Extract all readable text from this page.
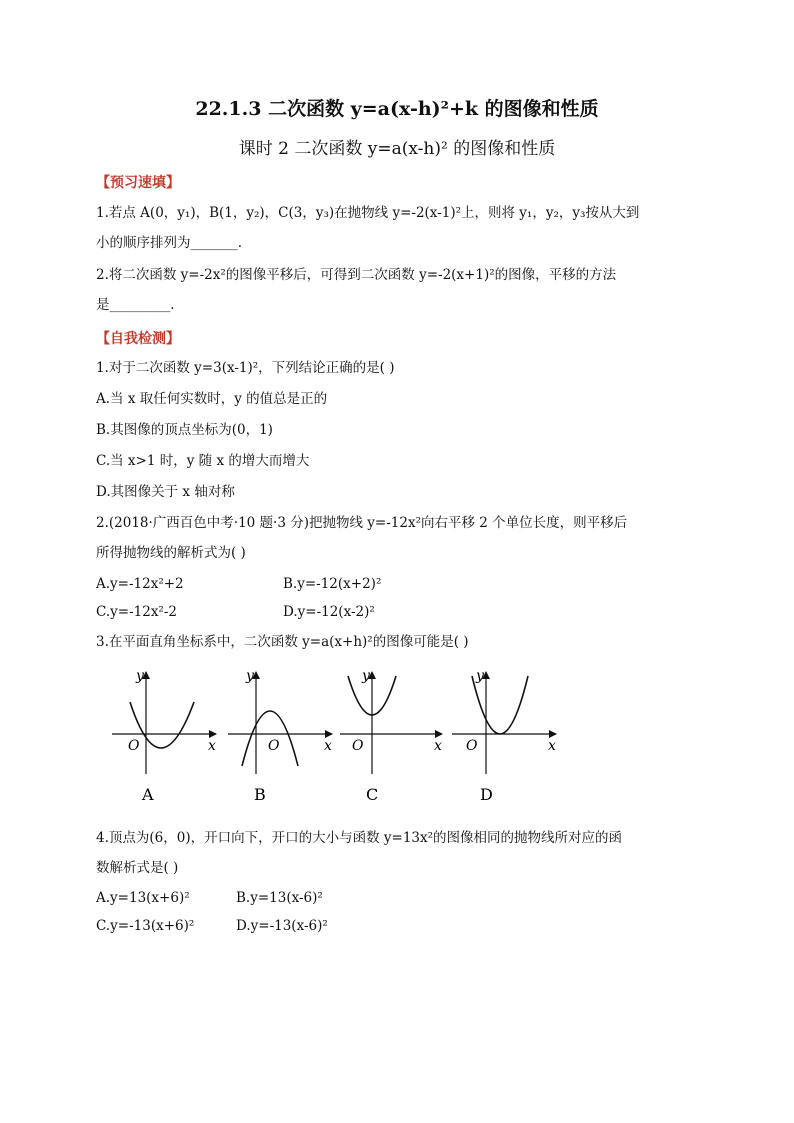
22.1.3 二次函数 y=a(x-h)²+k 的图像和性质
课时 2 二次函数 y=a(x-h)² 的图像和性质
【预习速填】
1.若点 A(0，y₁)，B(1，y₂)，C(3，y₃)在抛物线 y=-2(x-1)²上，则将 y₁，y₂，y₃按从大到
小的顺序排列为_______.
2.将二次函数 y=-2x²的图像平移后，可得到二次函数 y=-2(x+1)²的图像，平移的方法
是_________.
【自我检测】
1.对于二次函数 y=3(x-1)²，下列结论正确的是( )
A.当 x 取任何实数时，y 的值总是正的
B.其图像的顶点坐标为(0，1)
C.当 x>1 时，y 随 x 的增大而增大
D.其图像关于 x 轴对称
2.(2018·广西百色中考·10 题·3 分)把抛物线 y=-12x²向右平移 2 个单位长度，则平移后
所得抛物线的解析式为( )
A.y=-12x²+2	B.y=-12(x+2)²
C.y=-12x²-2	D.y=-12(x-2)²
3.在平面直角坐标系中，二次函数 y=a(x+h)²的图像可能是( )
y
O	x
A
y
O	x
B
y
O	x
C
y
O	x
D
4.顶点为(6，0)，开口向下，开口的大小与函数 y=13x²的图像相同的抛物线所对应的函
数解析式是( )
A.y=13(x+6)²	B.y=13(x-6)²
C.y=-13(x+6)²	D.y=-13(x-6)²
